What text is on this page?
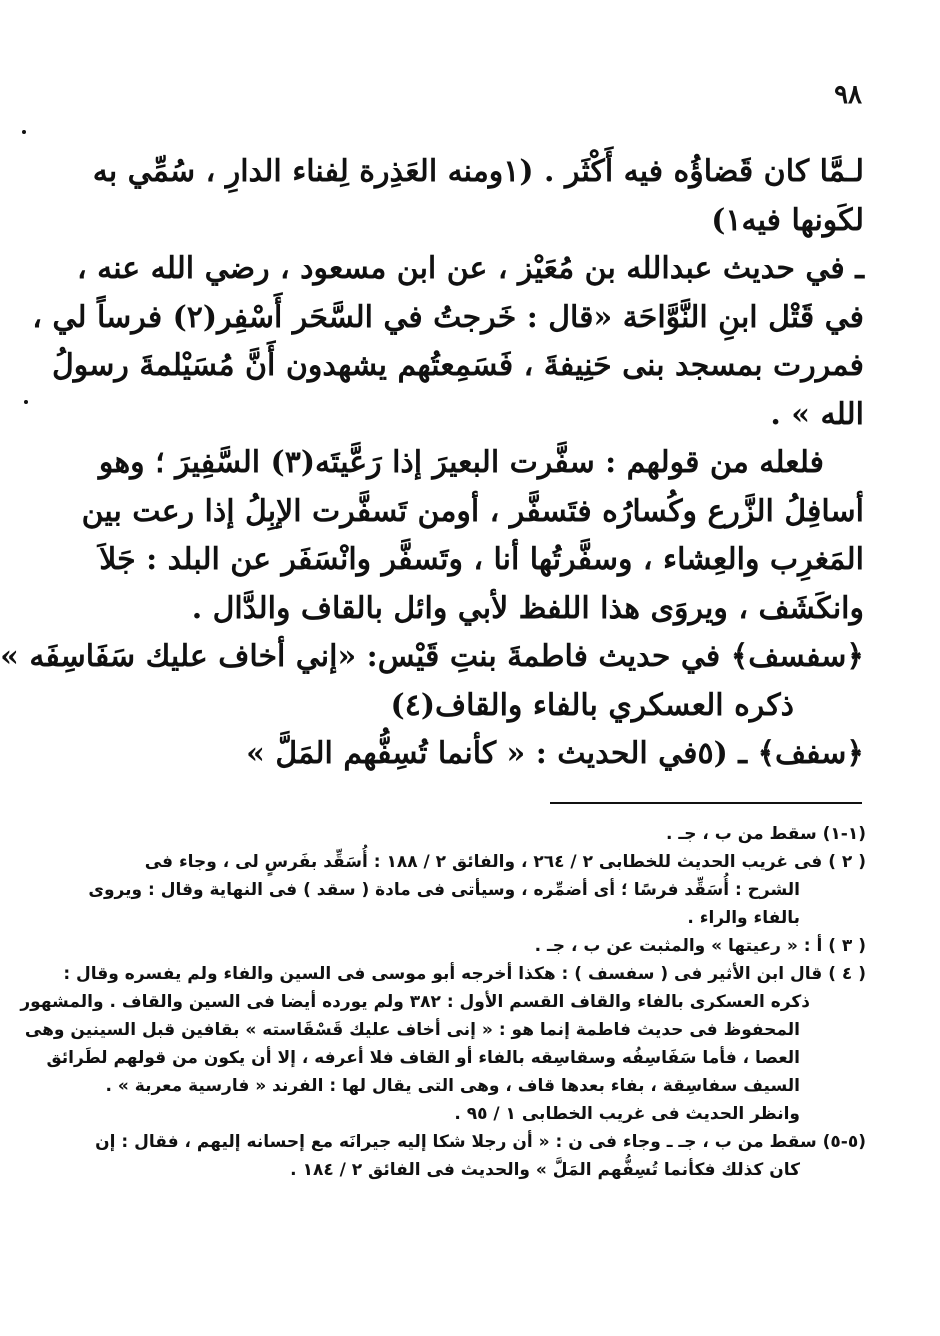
٩٨
لـمَّا كان قَضاؤُه فيه أَكْثَر . (١ومنه العَذِرة لِفناء الدارِ ، سُمِّي به
لكَونها فيه١)
ـ في حديث عبدالله بن مُعَيْز ، عن ابن مسعود ، رضي الله عنه ،
في قَتْل ابنِ النَّوَّاحَة «قال : خَرجتُ في السَّحَر أَسْفِر(٢) فرساً لي ،
فمررت بمسجد بنى حَنِيفةَ ، فَسَمِعتُهم يشهدون أَنَّ مُسَيْلمةَ رسولُ
الله » .
فلعله من قولهم : سفَّرت البعيرَ إذا رَعَّيتَه(٣) السَّفِيرَ ؛ وهو
أسافِلُ الزَّرع وكُسارُه فتَسفَّر ، أومن تَسفَّرت الإبِلُ إذا رعت بين
المَغرِب والعِشاء ، وسفَّرتُها أنا ، وتَسفَّر وانْسَفَر عن البلد : جَلاَ
وانكَشَف ، ويروَى هذا اللفظ لأبي وائل بالقاف والدَّال .
﴿سفسف﴾ في حديث فاطمةَ بنتِ قَيْس: «إني أخاف عليك سَفَاسِفَه »
ذكره العسكري بالفاء والقاف(٤)
﴿سفف﴾ ـ (٥في الحديث : « كأنما تُسِفُّهم المَلَّ »
(١-١) سقط من ب ، جـ .
( ٢ ) فى غريب الحديث للخطابى ٢ / ٢٦٤ ، والفائق ٢ / ١٨٨ : أُسَقِّد بفَرسٍ لى ، وجاء فى
الشرح : أُسَقِّد فرسًا ؛ أى أضمِّره ، وسيأتى فى مادة ( سقد ) فى النهاية وقال : ويروى
بالفاء والراء .
( ٣ ) أ : « رعيتها » والمثبت عن ب ، جـ .
( ٤ ) قال ابن الأثير فى ( سفسف ) : هكذا أخرجه أبو موسى فى السين والفاء ولم يفسره وقال :
ذكره العسكرى بالفاء والقاف القسم الأول : ٣٨٢ ولم يورده أيضا فى السين والقاف . والمشهور
المحفوظ فى حديث فاطمة إنما هو : « إنى أخاف عليك قَسْقَاسته » بقافين قبل السينين وهى
العصا ، فأما سَفَاسِفُه وسقاسِقه بالفاء أو القاف فلا أعرفه ، إلا أن يكون من قولهم لطَرائق
السيف سفاسِقة ، بفاء بعدها قاف ، وهى التى يقال لها : الفرند « فارسية معربة » .
وانظر الحديث فى غريب الخطابى ١ / ٩٥ .
(٥-٥) سقط من ب ، جـ ـ وجاء فى ن : « أن رجلا شكا إليه جيرانَه مع إحسانه إليهم ، فقال : إن
كان كذلك فكأنما تُسِفُّهم المَلَّ » والحديث فى الفائق ٢ / ١٨٤ .
